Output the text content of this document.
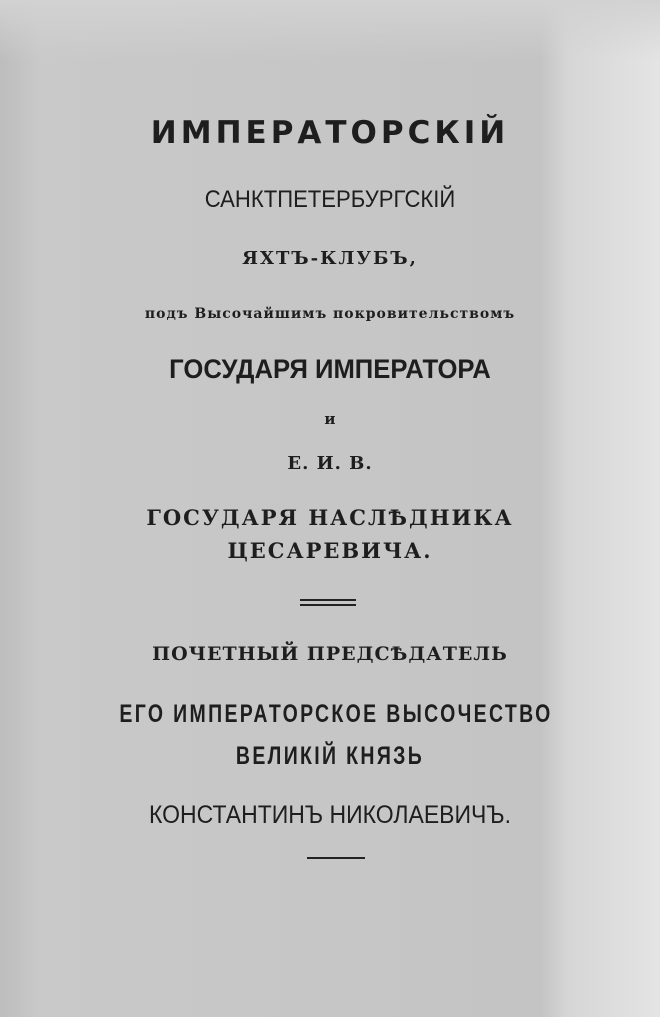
ИМПЕРАТОРСКІЙ
САНКТПЕТЕРБУРГСКІЙ
ЯХТЪ-КЛУБЪ,
подъ Высочайшимъ покровительствомъ
ГОСУДАРЯ ИМПЕРАТОРА
и
Е. И. В.
ГОСУДАРЯ НАСЛѢДНИКА
ЦЕСАРЕВИЧА.
ПОЧЕТНЫЙ ПРЕДСѢДАТЕЛЬ
ЕГО ИМПЕРАТОРСКОЕ ВЫСОЧЕСТВО
ВЕЛИКІЙ КНЯЗЬ
КОНСТАНТИНЪ НИКОЛАЕВИЧЪ.
